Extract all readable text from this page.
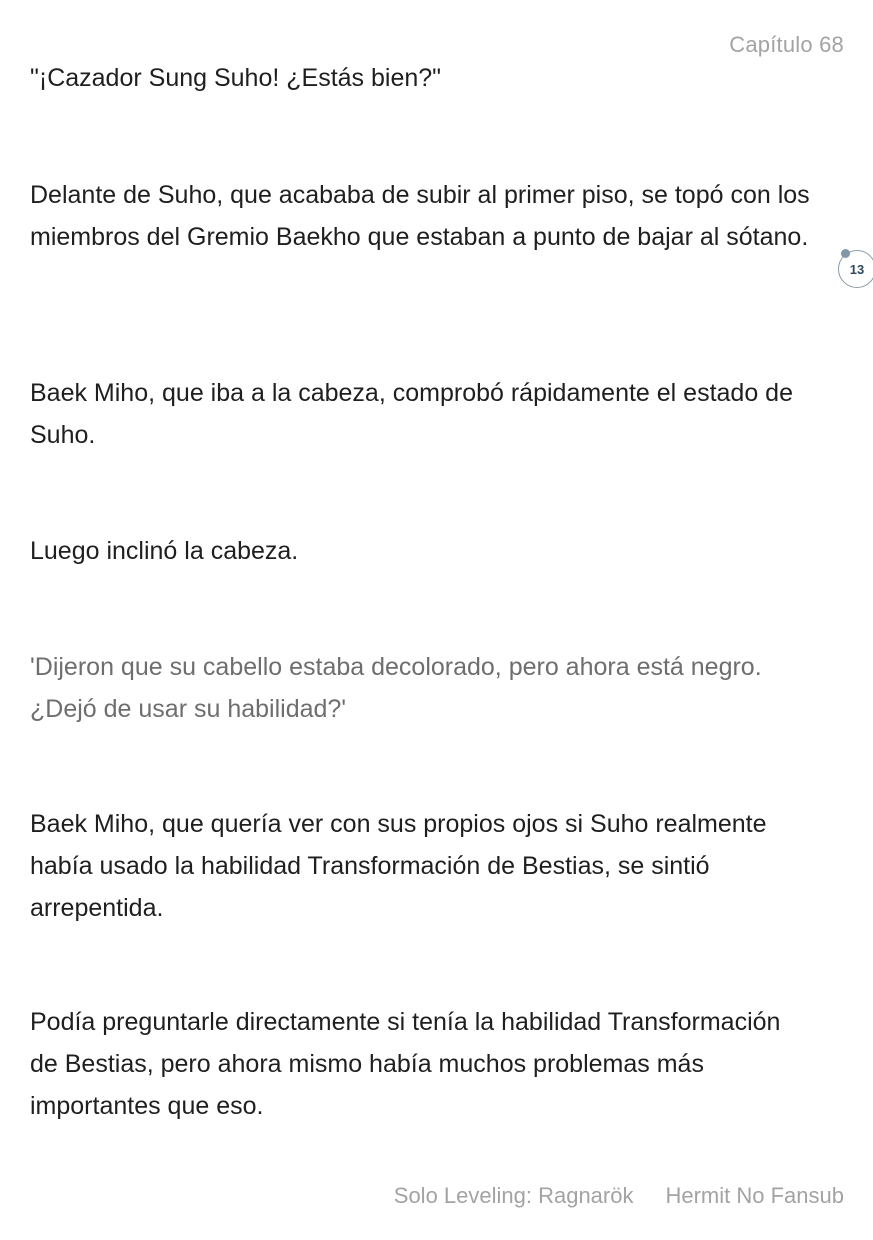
Capítulo 68

"¡Cazador Sung Suho! ¿Estás bien?"

Delante de Suho, que acababa de subir al primer piso, se topó con los miembros del Gremio Baekho que estaban a punto de bajar al sótano.

Baek Miho, que iba a la cabeza, comprobó rápidamente el estado de Suho.

Luego inclinó la cabeza.

'Dijeron que su cabello estaba decolorado, pero ahora está negro. ¿Dejó de usar su habilidad?'

Baek Miho, que quería ver con sus propios ojos si Suho realmente había usado la habilidad Transformación de Bestias, se sintió arrepentida.

Podía preguntarle directamente si tenía la habilidad Transformación de Bestias, pero ahora mismo había muchos problemas más importantes que eso.

13
Solo Leveling: Ragnarök Hermit No Fansub
